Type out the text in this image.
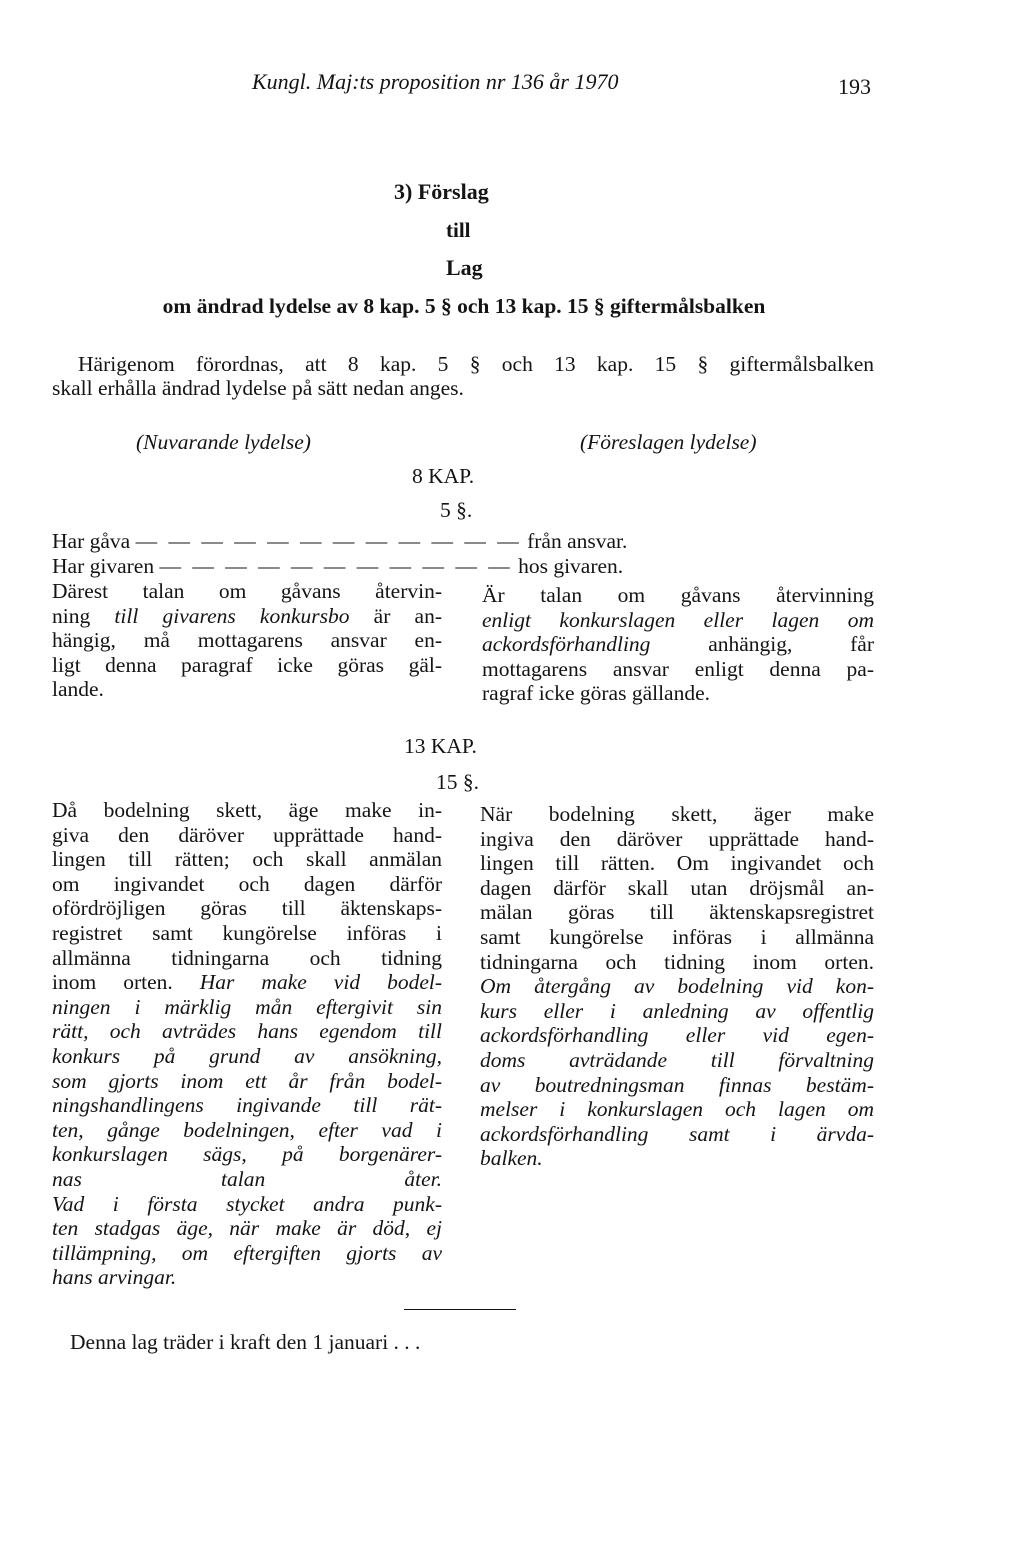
Kungl. Maj:ts proposition nr 136 år 1970	193

3) Förslag

till

Lag

om ändrad lydelse av 8 kap. 5 § och 13 kap. 15 § giftermålsbalken

Härigenom förordnas, att 8 kap. 5 § och 13 kap. 15 § giftermålsbalken

skall erhålla ändrad lydelse på sätt nedan anges.

(Nuvarande lydelse)	(Föreslagen lydelse)

8 KAP.

5 §.

Har gåva — — — — — — — — — — — — från ansvar.

Har givaren — — — — — — — — — — — hos givaren.

Därest talan om gåvans återvin-

ning till givarens konkursbo är an-

hängig, må mottagarens ansvar en-

ligt denna paragraf icke göras gäl-

lande.

Är talan om gåvans återvinning

enligt konkurslagen eller lagen om

ackordsförhandling anhängig, får

mottagarens ansvar enligt denna pa-

ragraf icke göras gällande.

13 KAP.

15 §.

Då bodelning skett, äge make in-

giva den däröver upprättade hand-

lingen till rätten; och skall anmälan

om ingivandet och dagen därför

ofördröjligen göras till äktenskaps-

registret samt kungörelse införas i

allmänna tidningarna och tidning

inom orten. Har make vid bodel-

ningen i märklig mån eftergivit sin

rätt, och avträdes hans egendom till

konkurs på grund av ansökning,

som gjorts inom ett år från bodel-

ningshandlingens ingivande till rät-

ten, gånge bodelningen, efter vad i

konkurslagen sägs, på borgenärer-

nas talan åter.

Vad i första stycket andra punk-

ten stadgas äge, när make är död, ej

tillämpning, om eftergiften gjorts av

hans arvingar.

När bodelning skett, äger make

ingiva den däröver upprättade hand-

lingen till rätten. Om ingivandet och

dagen därför skall utan dröjsmål an-

mälan göras till äktenskapsregistret

samt kungörelse införas i allmänna

tidningarna och tidning inom orten.

Om återgång av bodelning vid kon-

kurs eller i anledning av offentlig

ackordsförhandling eller vid egen-

doms avträdande till förvaltning

av boutredningsman finnas bestäm-

melser i konkurslagen och lagen om

ackordsförhandling samt i ärvda-

balken.

Denna lag träder i kraft den 1 januari . . .
